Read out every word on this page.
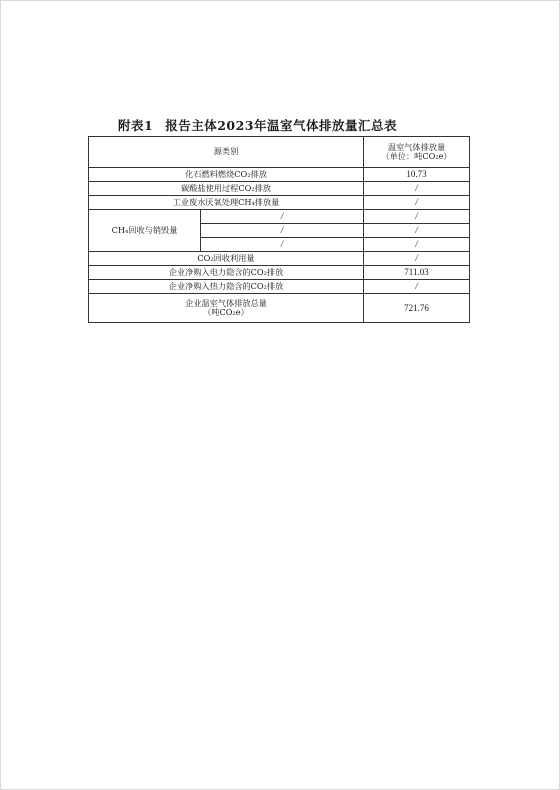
附表1 报告主体2023年温室气体排放量汇总表
源类别		温室气体排放量
（单位：吨CO₂e）

化石燃料燃烧CO₂排放		10.73
碳酸盐使用过程CO₂排放		/
工业废水厌氧处理CH₄排放量		/
CH₄回收与销毁量	/	/
	/	/
	/	/
CO₂回收利用量		/
企业净购入电力隐含的CO₂排放		711.03
企业净购入热力隐含的CO₂排放		/

企业温室气体排放总量
（吨CO₂e）		721.76
